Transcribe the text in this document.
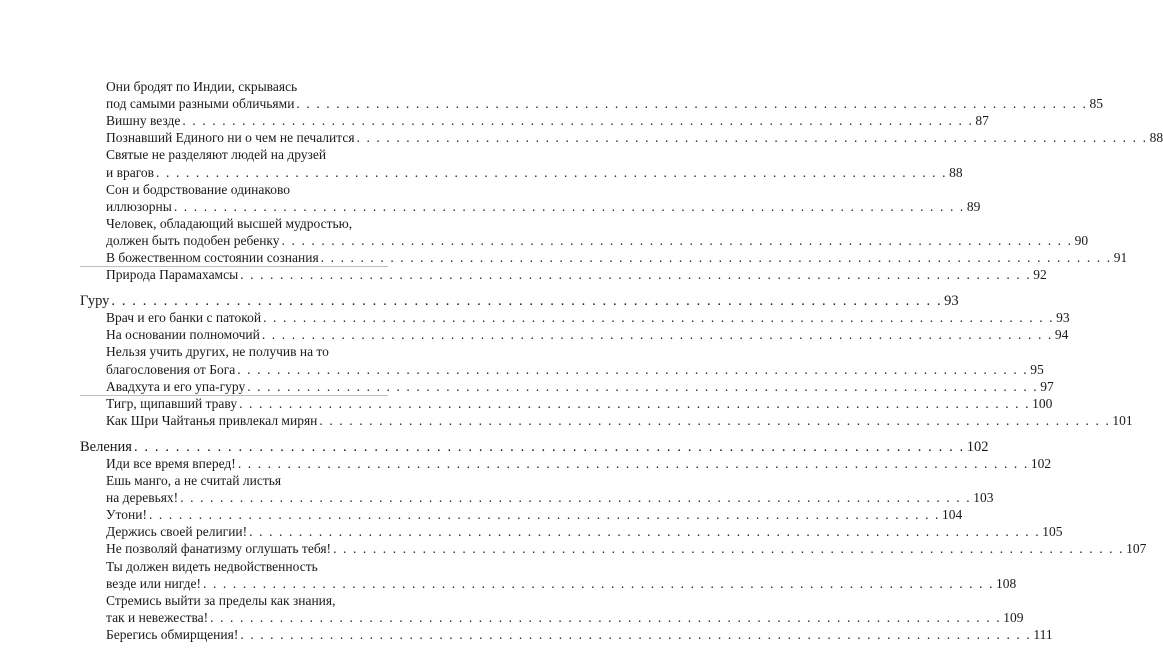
Они бродят по Индии, скрываясь
под самыми разными обличьями . . . . . . . . . . . . . . . . . . . . . . . . . . . . . . . . . . . . . . . . . . . . . . . . . . . . . . . . . . . . . . . . . . . . . . . . . . . . . . . . 85
Вишну везде . . . . . . . . . . . . . . . . . . . . . . . . . . . . . . . . . . . . . . . . . . . . . . . . . . . . . . . . . . . . . . . . . . . . . . . . . . . . . . . . 87
Познавший Единого ни о чем не печалится . . . . . . . . . . . . . . . . . . . . . . . . . . . . . . . . . . . . . . . . . . . . . . . . . . . . . . . . . . . . . . . . . . . . . . . . . . . . . . . . 88
Святые не разделяют людей на друзей
и врагов . . . . . . . . . . . . . . . . . . . . . . . . . . . . . . . . . . . . . . . . . . . . . . . . . . . . . . . . . . . . . . . . . . . . . . . . . . . . . . . . 88
Сон и бодрствование одинаково
иллюзорны . . . . . . . . . . . . . . . . . . . . . . . . . . . . . . . . . . . . . . . . . . . . . . . . . . . . . . . . . . . . . . . . . . . . . . . . . . . . . . . . 89
Человек, обладающий высшей мудростью,
должен быть подобен ребенку . . . . . . . . . . . . . . . . . . . . . . . . . . . . . . . . . . . . . . . . . . . . . . . . . . . . . . . . . . . . . . . . . . . . . . . . . . . . . . . . 90
В божественном состоянии сознания . . . . . . . . . . . . . . . . . . . . . . . . . . . . . . . . . . . . . . . . . . . . . . . . . . . . . . . . . . . . . . . . . . . . . . . . . . . . . . . . 91
Природа Парамахамсы . . . . . . . . . . . . . . . . . . . . . . . . . . . . . . . . . . . . . . . . . . . . . . . . . . . . . . . . . . . . . . . . . . . . . . . . . . . . . . . . 92
Гуру . . . . . . . . . . . . . . . . . . . . . . . . . . . . . . . . . . . . . . . . . . . . . . . . . . . . . . . . . . . . . . . . . . . . . . . . . . . . . . . . 93
Врач и его банки с патокой . . . . . . . . . . . . . . . . . . . . . . . . . . . . . . . . . . . . . . . . . . . . . . . . . . . . . . . . . . . . . . . . . . . . . . . . . . . . . . . . 93
На основании полномочий . . . . . . . . . . . . . . . . . . . . . . . . . . . . . . . . . . . . . . . . . . . . . . . . . . . . . . . . . . . . . . . . . . . . . . . . . . . . . . . . 94
Нельзя учить других, не получив на то
благословения от Бога . . . . . . . . . . . . . . . . . . . . . . . . . . . . . . . . . . . . . . . . . . . . . . . . . . . . . . . . . . . . . . . . . . . . . . . . . . . . . . . . 95
Авадхута и его упа-гуру . . . . . . . . . . . . . . . . . . . . . . . . . . . . . . . . . . . . . . . . . . . . . . . . . . . . . . . . . . . . . . . . . . . . . . . . . . . . . . . . 97
Тигр, щипавший траву . . . . . . . . . . . . . . . . . . . . . . . . . . . . . . . . . . . . . . . . . . . . . . . . . . . . . . . . . . . . . . . . . . . . . . . . . . . . . . . . 100
Как Шри Чайтанья привлекал мирян . . . . . . . . . . . . . . . . . . . . . . . . . . . . . . . . . . . . . . . . . . . . . . . . . . . . . . . . . . . . . . . . . . . . . . . . . . . . . . . . 101
Веления . . . . . . . . . . . . . . . . . . . . . . . . . . . . . . . . . . . . . . . . . . . . . . . . . . . . . . . . . . . . . . . . . . . . . . . . . . . . . . . . 102
Иди все время вперед! . . . . . . . . . . . . . . . . . . . . . . . . . . . . . . . . . . . . . . . . . . . . . . . . . . . . . . . . . . . . . . . . . . . . . . . . . . . . . . . . 102
Ешь манго, а не считай листья
на деревьях! . . . . . . . . . . . . . . . . . . . . . . . . . . . . . . . . . . . . . . . . . . . . . . . . . . . . . . . . . . . . . . . . . . . . . . . . . . . . . . . . 103
Утони! . . . . . . . . . . . . . . . . . . . . . . . . . . . . . . . . . . . . . . . . . . . . . . . . . . . . . . . . . . . . . . . . . . . . . . . . . . . . . . . . 104
Держись своей религии! . . . . . . . . . . . . . . . . . . . . . . . . . . . . . . . . . . . . . . . . . . . . . . . . . . . . . . . . . . . . . . . . . . . . . . . . . . . . . . . . 105
Не позволяй фанатизму оглушать тебя! . . . . . . . . . . . . . . . . . . . . . . . . . . . . . . . . . . . . . . . . . . . . . . . . . . . . . . . . . . . . . . . . . . . . . . . . . . . . . . . . 107
Ты должен видеть недвойственность
везде или нигде! . . . . . . . . . . . . . . . . . . . . . . . . . . . . . . . . . . . . . . . . . . . . . . . . . . . . . . . . . . . . . . . . . . . . . . . . . . . . . . . . 108
Стремись выйти за пределы как знания,
так и невежества! . . . . . . . . . . . . . . . . . . . . . . . . . . . . . . . . . . . . . . . . . . . . . . . . . . . . . . . . . . . . . . . . . . . . . . . . . . . . . . . . 109
Берегись обмирщения! . . . . . . . . . . . . . . . . . . . . . . . . . . . . . . . . . . . . . . . . . . . . . . . . . . . . . . . . . . . . . . . . . . . . . . . . . . . . . . . . 111
